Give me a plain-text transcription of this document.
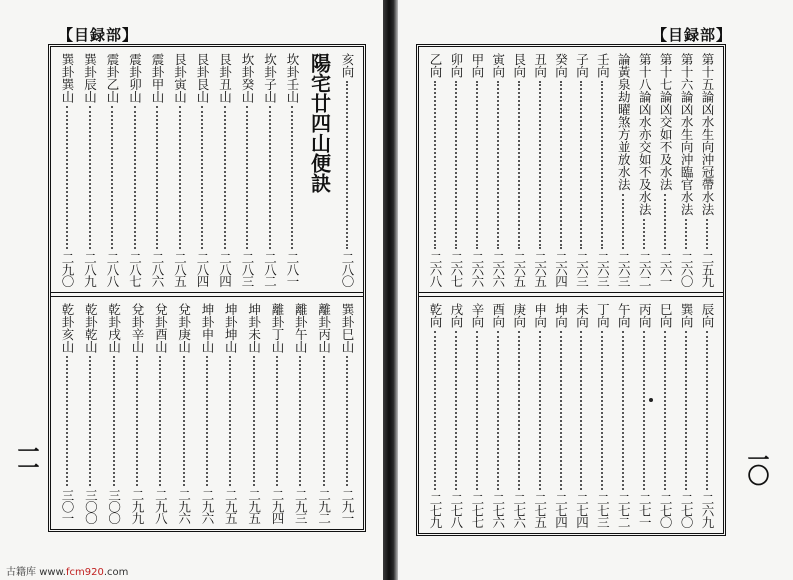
【目録部】
亥向
二八〇
陽宅廿四山便訣
坎卦壬山
二八一
坎卦子山
二八二
坎卦癸山
二八三
艮卦丑山
二八四
艮卦艮山
二八四
艮卦寅山
二八五
震卦甲山
二八六
震卦卯山
二八七
震卦乙山
二八八
巽卦辰山
二八九
巽卦巽山
二九〇
巽卦巳山
二九一
離卦丙山
二九二
離卦午山
二九三
離卦丁山
二九四
坤卦未山
二九五
坤卦坤山
二九五
坤卦申山
二九六
兌卦庚山
二九六
兌卦酉山
二九八
兌卦辛山
二九九
乾卦戌山
三〇〇
乾卦乾山
三〇〇
乾卦亥山
三〇一
一一
古籍库 www.fcm920.com
【目録部】
第十五論凶水生向沖冠帶水法
二五九
第十六論凶水生向沖臨官水法
二六〇
第十七論凶交如不及水法
二六一
第十八論凶水亦交如不及水法
二六二
論黃泉劫曜煞方並放水法
二六三
壬向
二六三
子向
二六三
癸向
二六四
丑向
二六五
艮向
二六五
寅向
二六六
甲向
二六六
卯向
二六七
乙向
二六八
辰向
二六九
巽向
二七〇
巳向
二七〇
丙向
二七一
午向
二七二
丁向
二七三
未向
二七四
坤向
二七四
申向
二七五
庚向
二七六
酉向
二七六
辛向
二七七
戌向
二七八
乾向
二七九
一〇
